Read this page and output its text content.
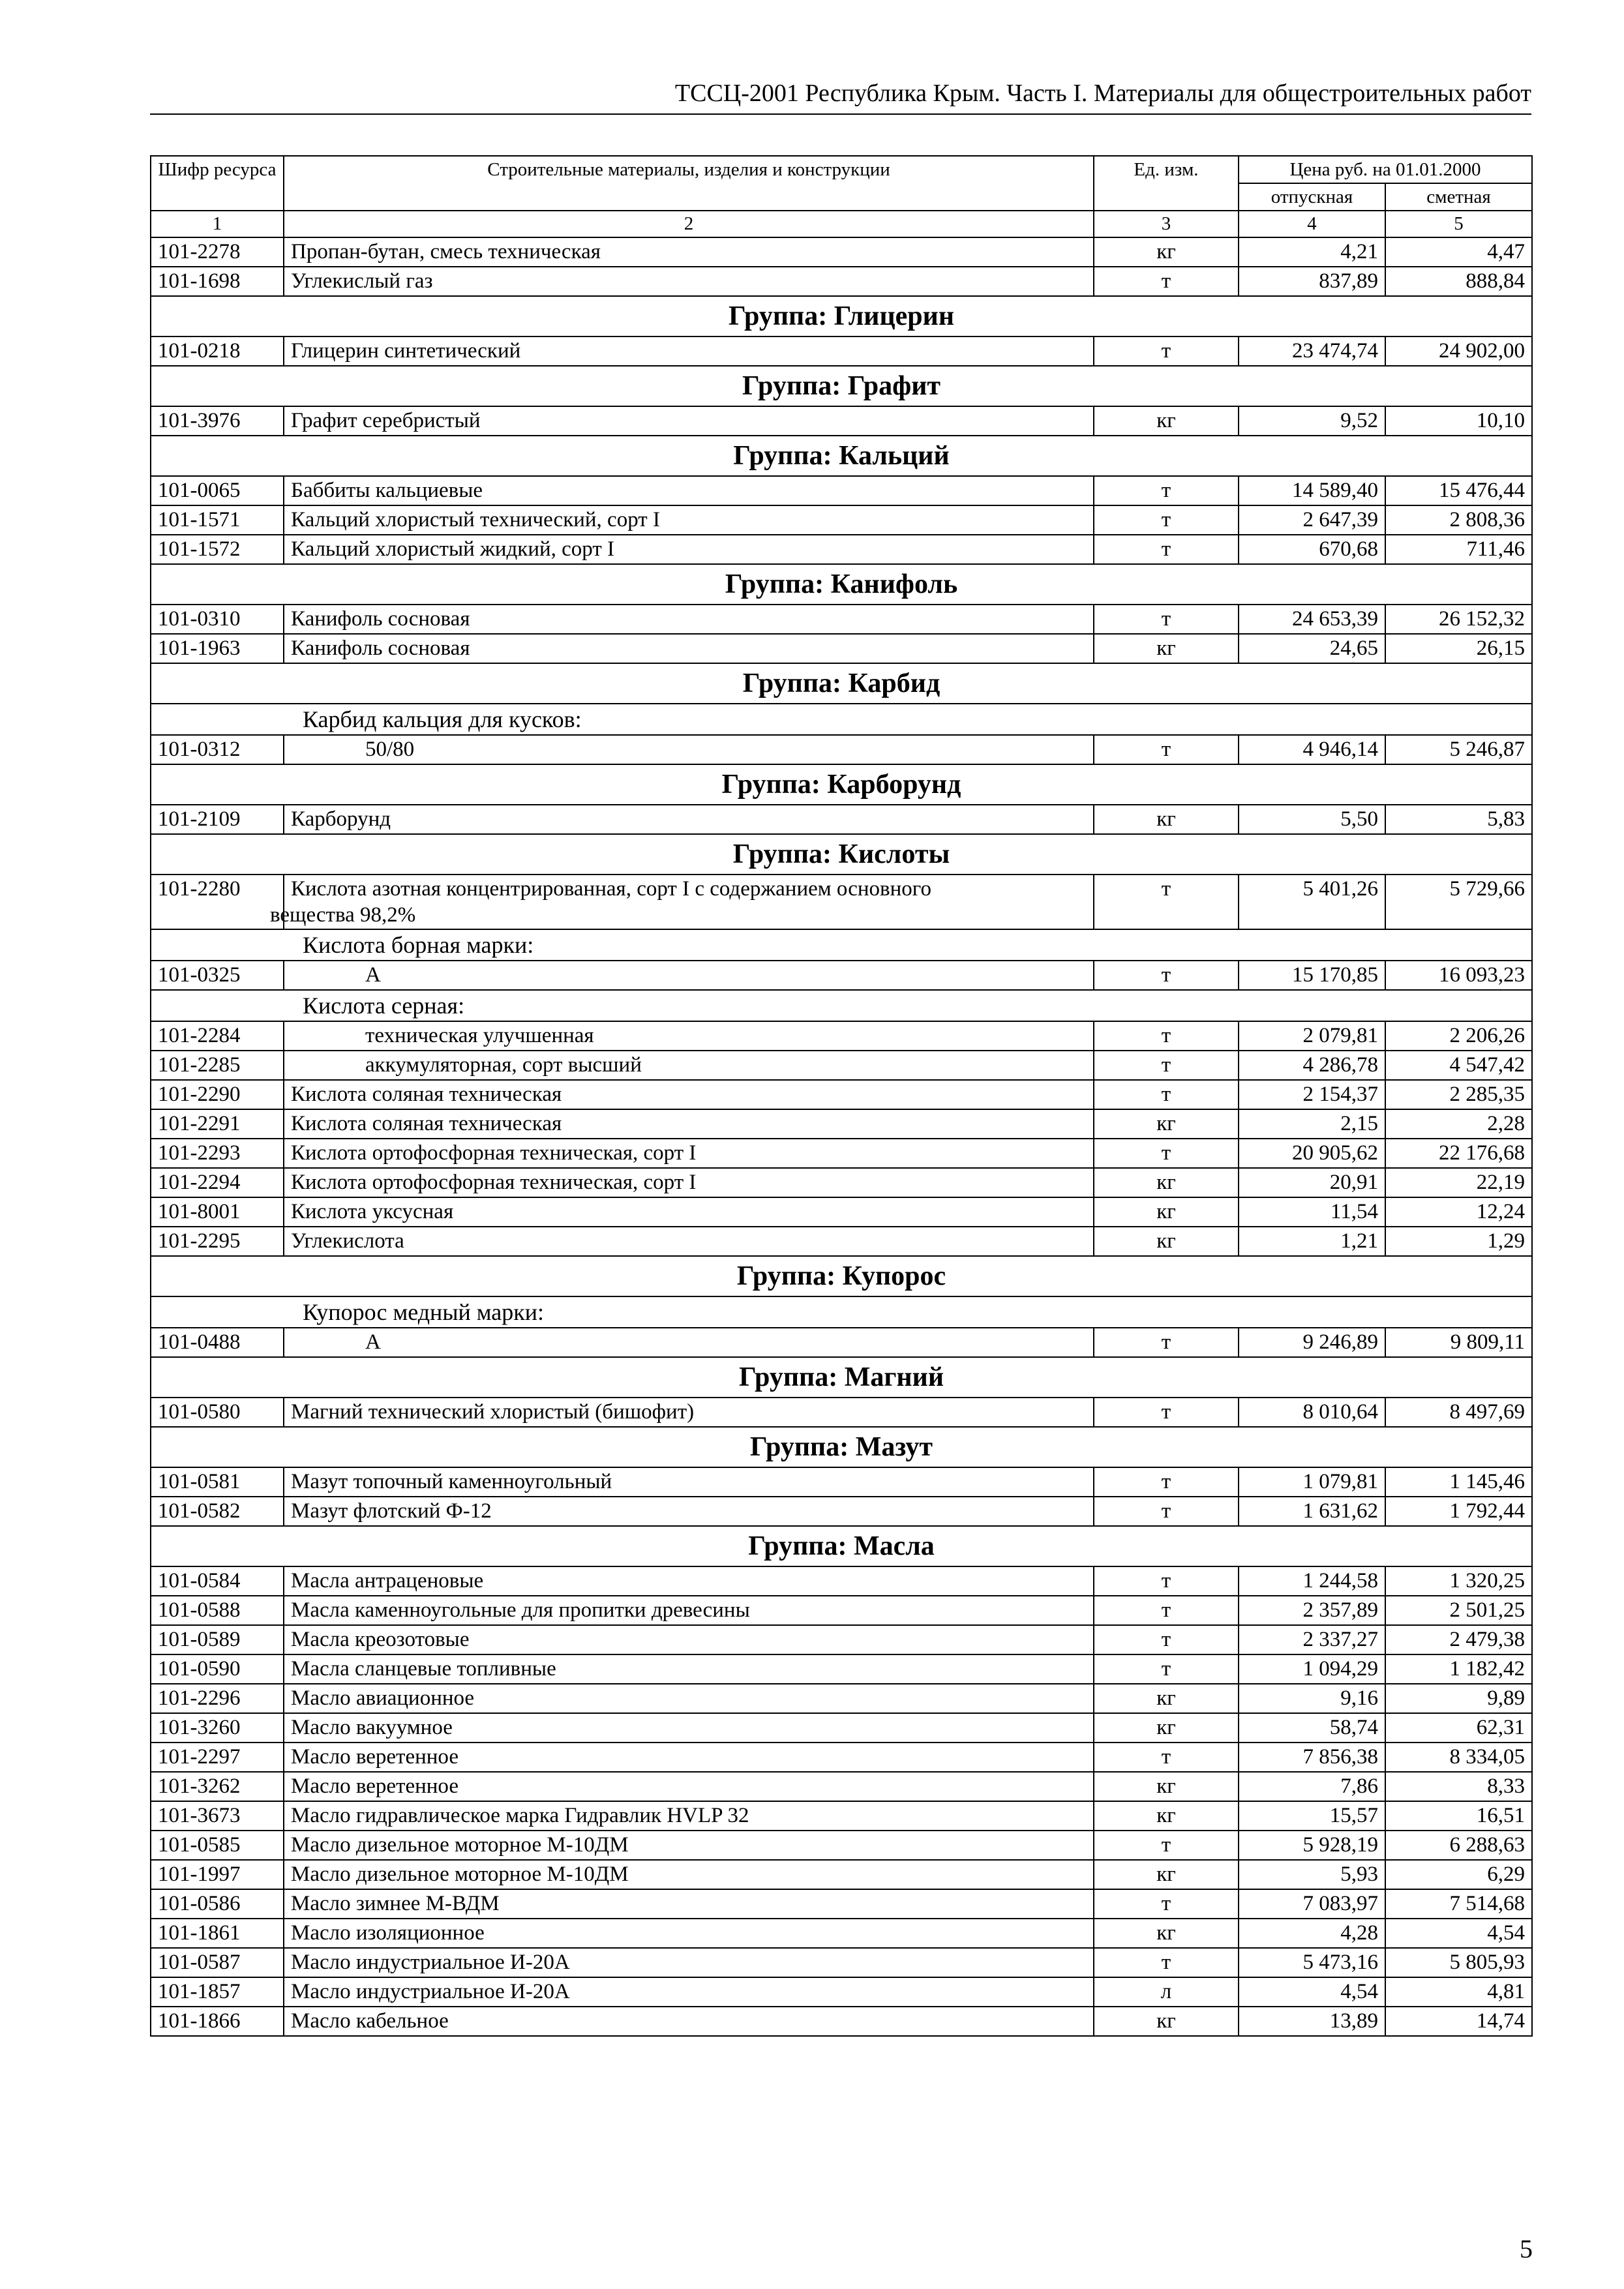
ТССЦ-2001 Республика Крым. Часть I. Материалы для общестроительных работ
Шифр ресурса	Строительные материалы, изделия и конструкции	Ед. изм.	Цена руб. на 01.01.2000	
			отпускная	сметная
1	2	3	4	5
101-2278	Пропан-бутан, смесь техническая	кг	4,21	4,47
101-1698	Углекислый газ	т	837,89	888,84
Группа: Глицерин				
101-0218	Глицерин синтетический	т	23 474,74	24 902,00
Группа: Графит				
101-3976	Графит серебристый	кг	9,52	10,10
Группа: Кальций				
101-0065	Баббиты кальциевые	т	14 589,40	15 476,44
101-1571	Кальций хлористый технический, сорт I	т	2 647,39	2 808,36
101-1572	Кальций хлористый жидкий, сорт I	т	670,68	711,46
Группа: Канифоль				
101-0310	Канифоль сосновая	т	24 653,39	26 152,32
101-1963	Канифоль сосновая	кг	24,65	26,15
Группа: Карбид				
Карбид кальция для кусков:				
101-0312	50/80	т	4 946,14	5 246,87
Группа: Карборунд				
101-2109	Карборунд	кг	5,50	5,83
Группа: Кислоты				
101-2280	Кислота азотная концентрированная, сорт I с содержанием основного
вещества 98,2%	т	5 401,26	5 729,66
Кислота борная марки:				
101-0325	А	т	15 170,85	16 093,23
Кислота серная:				
101-2284	техническая улучшенная	т	2 079,81	2 206,26
101-2285	аккумуляторная, сорт высший	т	4 286,78	4 547,42
101-2290	Кислота соляная техническая	т	2 154,37	2 285,35
101-2291	Кислота соляная техническая	кг	2,15	2,28
101-2293	Кислота ортофосфорная техническая, сорт I	т	20 905,62	22 176,68
101-2294	Кислота ортофосфорная техническая, сорт I	кг	20,91	22,19
101-8001	Кислота уксусная	кг	11,54	12,24
101-2295	Углекислота	кг	1,21	1,29
Группа: Купорос				
Купорос медный марки:				
101-0488	А	т	9 246,89	9 809,11
Группа: Магний				
101-0580	Магний технический хлористый (бишофит)	т	8 010,64	8 497,69
Группа: Мазут				
101-0581	Мазут топочный каменноугольный	т	1 079,81	1 145,46
101-0582	Мазут флотский Ф-12	т	1 631,62	1 792,44
Группа: Масла				
101-0584	Масла антраценовые	т	1 244,58	1 320,25
101-0588	Масла каменноугольные для пропитки древесины	т	2 357,89	2 501,25
101-0589	Масла креозотовые	т	2 337,27	2 479,38
101-0590	Масла сланцевые топливные	т	1 094,29	1 182,42
101-2296	Масло авиационное	кг	9,16	9,89
101-3260	Масло вакуумное	кг	58,74	62,31
101-2297	Масло веретенное	т	7 856,38	8 334,05
101-3262	Масло веретенное	кг	7,86	8,33
101-3673	Масло гидравлическое марка Гидравлик HVLP 32	кг	15,57	16,51
101-0585	Масло дизельное моторное М-10ДМ	т	5 928,19	6 288,63
101-1997	Масло дизельное моторное М-10ДМ	кг	5,93	6,29
101-0586	Масло зимнее М-ВДМ	т	7 083,97	7 514,68
101-1861	Масло изоляционное	кг	4,28	4,54
101-0587	Масло индустриальное И-20А	т	5 473,16	5 805,93
101-1857	Масло индустриальное И-20А	л	4,54	4,81
101-1866	Масло кабельное	кг	13,89	14,74
5
